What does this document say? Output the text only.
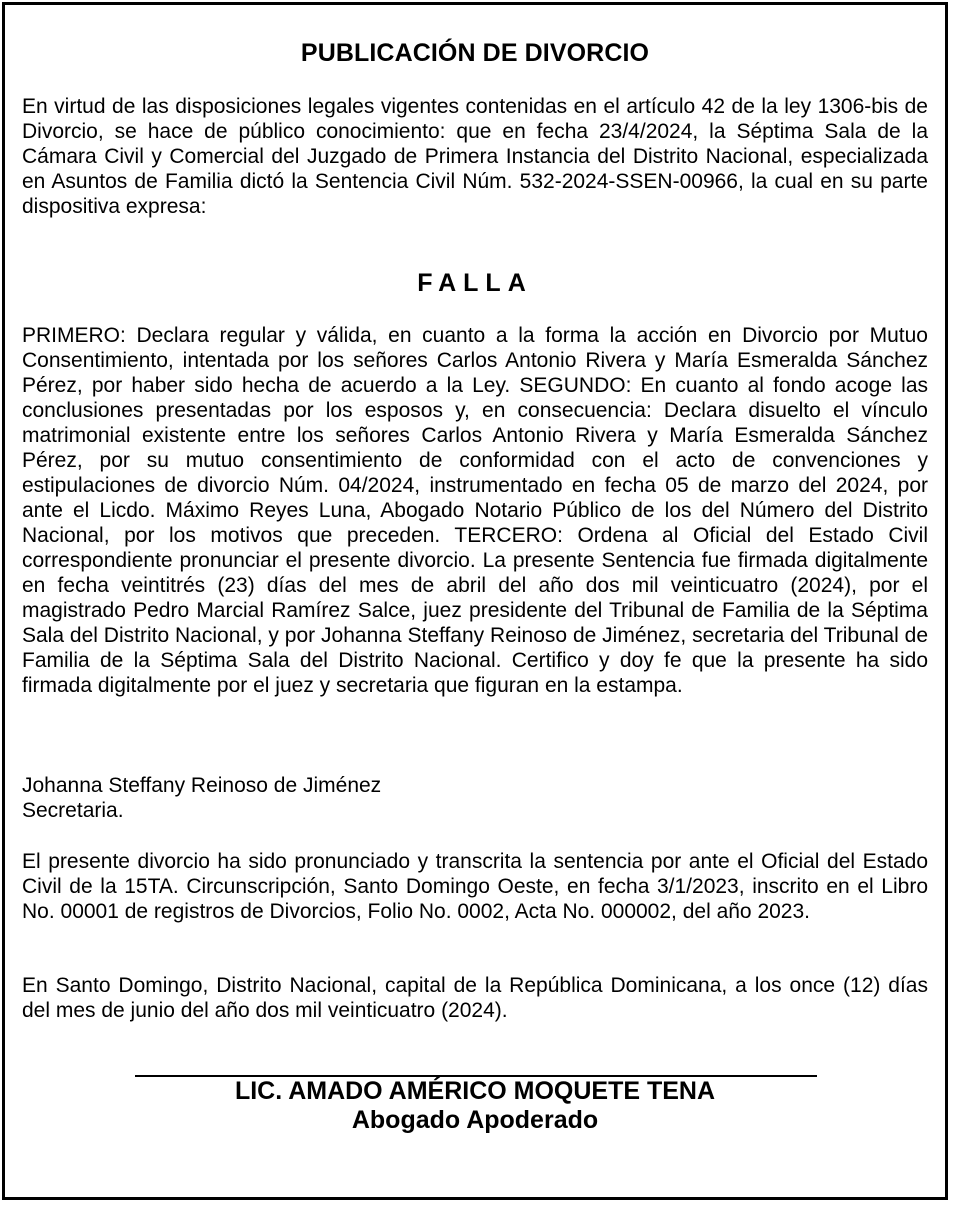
PUBLICACIÓN DE DIVORCIO

En virtud de las disposiciones legales vigentes contenidas en el artículo 42 de la ley 1306-bis de Divorcio, se hace de público conocimiento: que en fecha 23/4/2024, la Séptima Sala de la Cámara Civil y Comercial del Juzgado de Primera Instancia del Distrito Nacional, especializada en Asuntos de Familia dictó la Sentencia Civil Núm. 532-2024-SSEN-00966, la cual en su parte dispositiva expresa:

FALLA

PRIMERO: Declara regular y válida, en cuanto a la forma la acción en Divorcio por Mutuo Consentimiento, intentada por los señores Carlos Antonio Rivera y María Esmeralda Sánchez Pérez, por haber sido hecha de acuerdo a la Ley. SEGUNDO: En cuanto al fondo acoge las conclusiones presentadas por los esposos y, en consecuencia: Declara disuelto el vínculo matrimonial existente entre los señores Carlos Antonio Rivera y María Esmeralda Sánchez Pérez, por su mutuo consentimiento de conformidad con el acto de convenciones y estipulaciones de divorcio Núm. 04/2024, instrumentado en fecha 05 de marzo del 2024, por ante el Licdo. Máximo Reyes Luna, Abogado Notario Público de los del Número del Distrito Nacional, por los motivos que preceden. TERCERO: Ordena al Oficial del Estado Civil correspondiente pronunciar el presente divorcio. La presente Sentencia fue firmada digitalmente en fecha veintitrés (23) días del mes de abril del año dos mil veinticuatro (2024), por el magistrado Pedro Marcial Ramírez Salce, juez presidente del Tribunal de Familia de la Séptima Sala del Distrito Nacional, y por Johanna Steffany Reinoso de Jiménez, secretaria del Tribunal de Familia de la Séptima Sala del Distrito Nacional. Certifico y doy fe que la presente ha sido firmada digitalmente por el juez y secretaria que figuran en la estampa.

Johanna Steffany Reinoso de Jiménez
Secretaria.

El presente divorcio ha sido pronunciado y transcrita la sentencia por ante el Oficial del Estado Civil de la 15TA. Circunscripción, Santo Domingo Oeste, en fecha 3/1/2023, inscrito en el Libro No. 00001 de registros de Divorcios, Folio No. 0002, Acta No. 000002, del año 2023.

En Santo Domingo, Distrito Nacional, capital de la República Dominicana, a los once (12) días del mes de junio del año dos mil veinticuatro (2024).

LIC. AMADO AMÉRICO MOQUETE TENA
Abogado Apoderado
